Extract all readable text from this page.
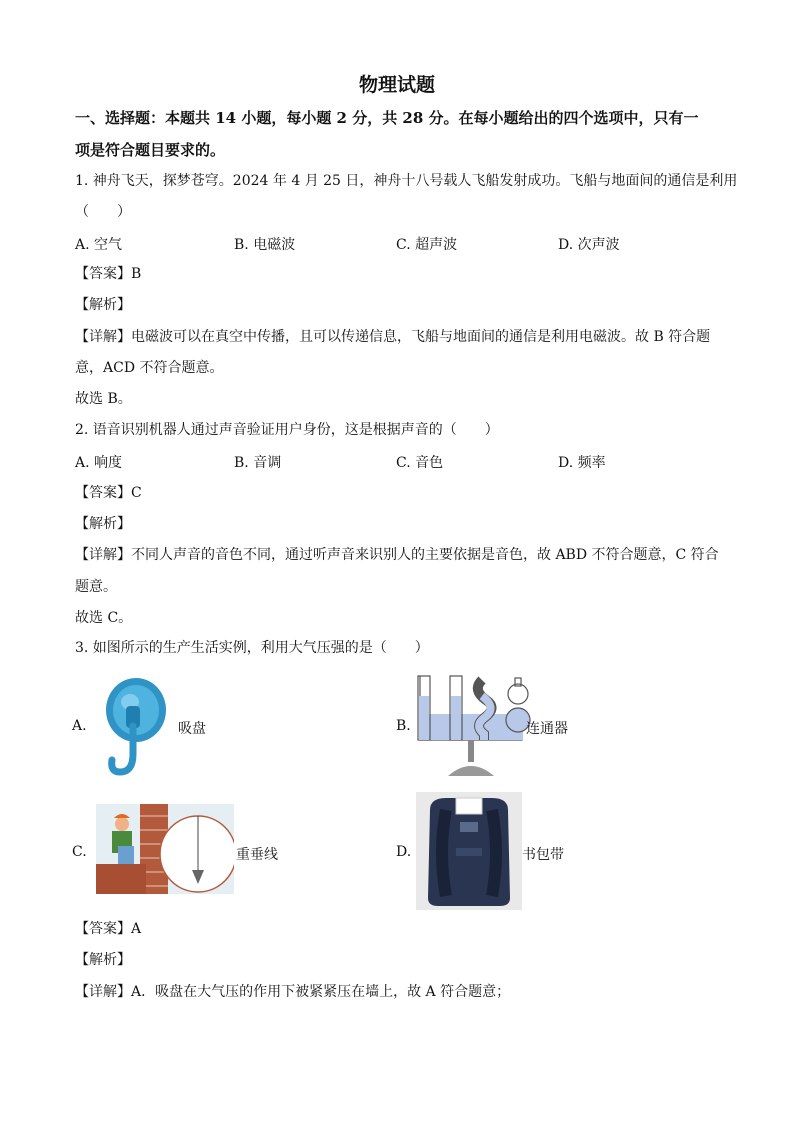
物理试题
一、选择题：本题共 14 小题，每小题 2 分，共 28 分。在每小题给出的四个选项中，只有一
项是符合题目要求的。
1. 神舟飞天，探梦苍穹。2024 年 4 月 25 日，神舟十八号载人飞船发射成功。飞船与地面间的通信是利用
（　　）
A. 空气	B. 电磁波	C. 超声波	D. 次声波
【答案】B
【解析】
【详解】电磁波可以在真空中传播，且可以传递信息，飞船与地面间的通信是利用电磁波。故 B 符合题
意，ACD 不符合题意。
故选 B。
2. 语音识别机器人通过声音验证用户身份，这是根据声音的（　　）
A. 响度	B. 音调	C. 音色	D. 频率
【答案】C
【解析】
【详解】不同人声音的音色不同，通过听声音来识别人的主要依据是音色，故 ABD 不符合题意，C 符合
题意。
故选 C。
3. 如图所示的生产生活实例，利用大气压强的是（　　）
A.	吸盘	B.	连通器
C.	重垂线	D.	书包带
【答案】A
【解析】
【详解】A．吸盘在大气压的作用下被紧紧压在墙上，故 A 符合题意；
